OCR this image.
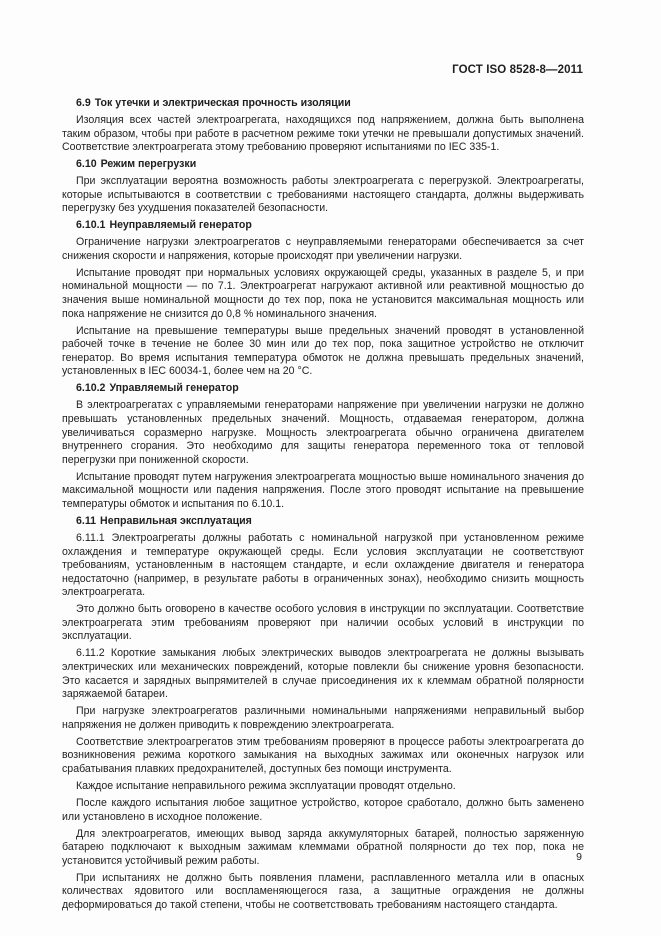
ГОСТ ISO 8528-8—2011
6.9 Ток утечки и электрическая прочность изоляции

Изоляция всех частей электроагрегата, находящихся под напряжением, должна быть выполнена таким образом, чтобы при работе в расчетном режиме токи утечки не превышали допустимых значений. Соответствие электроагрегата этому требованию проверяют испытаниями по IEC 335-1.

6.10 Режим перегрузки

При эксплуатации вероятна возможность работы электроагрегата с перегрузкой. Электроагрегаты, которые испытываются в соответствии с требованиями настоящего стандарта, должны выдерживать перегрузку без ухудшения показателей безопасности.

6.10.1 Неуправляемый генератор

Ограничение нагрузки электроагрегатов с неуправляемыми генераторами обеспечивается за счет снижения скорости и напряжения, которые происходят при увеличении нагрузки.

Испытание проводят при нормальных условиях окружающей среды, указанных в разделе 5, и при номинальной мощности — по 7.1. Электроагрегат нагружают активной или реактивной мощностью до значения выше номинальной мощности до тех пор, пока не установится максимальная мощность или пока напряжение не снизится до 0,8 % номинального значения.

Испытание на превышение температуры выше предельных значений проводят в установленной рабочей точке в течение не более 30 мин или до тех пор, пока защитное устройство не отключит генератор. Во время испытания температура обмоток не должна превышать предельных значений, установленных в IEC 60034-1, более чем на 20 °С.

6.10.2 Управляемый генератор

В электроагрегатах с управляемыми генераторами напряжение при увеличении нагрузки не должно превышать установленных предельных значений. Мощность, отдаваемая генератором, должна увеличиваться соразмерно нагрузке. Мощность электроагрегата обычно ограничена двигателем внутреннего сгорания. Это необходимо для защиты генератора переменного тока от тепловой перегрузки при пониженной скорости.

Испытание проводят путем нагружения электроагрегата мощностью выше номинального значения до максимальной мощности или падения напряжения. После этого проводят испытание на превышение температуры обмоток и испытания по 6.10.1.

6.11 Неправильная эксплуатация

6.11.1 Электроагрегаты должны работать с номинальной нагрузкой при установленном режиме охлаждения и температуре окружающей среды. Если условия эксплуатации не соответствуют требованиям, установленным в настоящем стандарте, и если охлаждение двигателя и генератора недостаточно (например, в результате работы в ограниченных зонах), необходимо снизить мощность электроагрегата.

Это должно быть оговорено в качестве особого условия в инструкции по эксплуатации. Соответствие электроагрегата этим требованиям проверяют при наличии особых условий в инструкции по эксплуатации.

6.11.2 Короткие замыкания любых электрических выводов электроагрегата не должны вызывать электрических или механических повреждений, которые повлекли бы снижение уровня безопасности. Это касается и зарядных выпрямителей в случае присоединения их к клеммам обратной полярности заряжаемой батареи.

При нагрузке электроагрегатов различными номинальными напряжениями неправильный выбор напряжения не должен приводить к повреждению электроагрегата.

Соответствие электроагрегатов этим требованиям проверяют в процессе работы электроагрегата до возникновения режима короткого замыкания на выходных зажимах или оконечных нагрузок или срабатывания плавких предохранителей, доступных без помощи инструмента.

Каждое испытание неправильного режима эксплуатации проводят отдельно.

После каждого испытания любое защитное устройство, которое сработало, должно быть заменено или установлено в исходное положение.

Для электроагрегатов, имеющих вывод заряда аккумуляторных батарей, полностью заряженную батарею подключают к выходным зажимам клеммами обратной полярности до тех пор, пока не установится устойчивый режим работы.

При испытаниях не должно быть появления пламени, расплавленного металла или в опасных количествах ядовитого или воспламеняющегося газа, а защитные ограждения не должны деформироваться до такой степени, чтобы не соответствовать требованиям настоящего стандарта.

9
